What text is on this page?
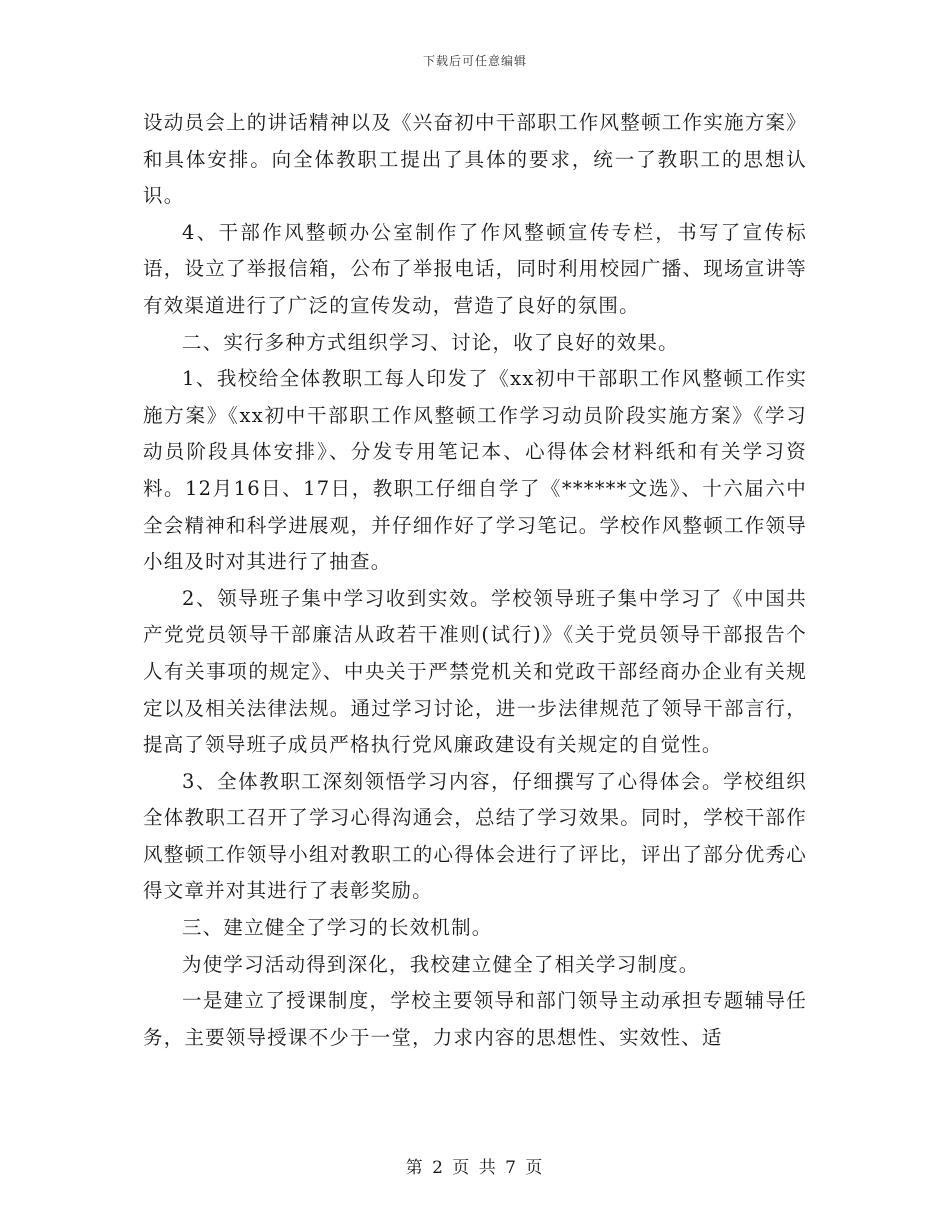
下载后可任意编辑

设动员会上的讲话精神以及《兴奋初中干部职工作风整顿工作实施方案》和具体安排。向全体教职工提出了具体的要求，统一了教职工的思想认识。

4、干部作风整顿办公室制作了作风整顿宣传专栏，书写了宣传标语，设立了举报信箱，公布了举报电话，同时利用校园广播、现场宣讲等有效渠道进行了广泛的宣传发动，营造了良好的氛围。

二、实行多种方式组织学习、讨论，收了良好的效果。

1、我校给全体教职工每人印发了《xx初中干部职工作风整顿工作实施方案》《xx初中干部职工作风整顿工作学习动员阶段实施方案》《学习动员阶段具体安排》、分发专用笔记本、心得体会材料纸和有关学习资料。12月16日、17日，教职工仔细自学了《******文选》、十六届六中全会精神和科学进展观，并仔细作好了学习笔记。学校作风整顿工作领导小组及时对其进行了抽查。

2、领导班子集中学习收到实效。学校领导班子集中学习了《中国共产党党员领导干部廉洁从政若干准则(试行)》《关于党员领导干部报告个人有关事项的规定》、中央关于严禁党机关和党政干部经商办企业有关规定以及相关法律法规。通过学习讨论，进一步法律规范了领导干部言行，提高了领导班子成员严格执行党风廉政建设有关规定的自觉性。

3、全体教职工深刻领悟学习内容，仔细撰写了心得体会。学校组织全体教职工召开了学习心得沟通会，总结了学习效果。同时，学校干部作风整顿工作领导小组对教职工的心得体会进行了评比，评出了部分优秀心得文章并对其进行了表彰奖励。

三、建立健全了学习的长效机制。

为使学习活动得到深化，我校建立健全了相关学习制度。

一是建立了授课制度，学校主要领导和部门领导主动承担专题辅导任务，主要领导授课不少于一堂，力求内容的思想性、实效性、适

第 2 页 共 7 页
